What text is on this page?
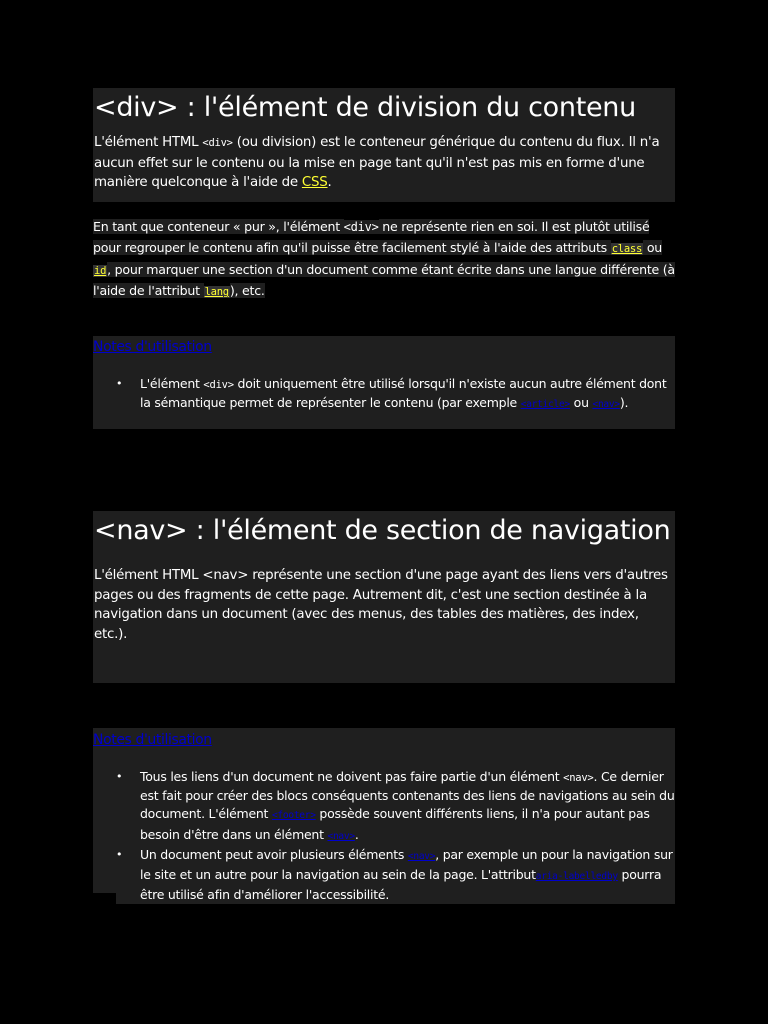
<div> : l'élément de division du contenu

L'élément HTML <div> (ou division) est le conteneur générique du contenu du flux. Il n'a aucun effet sur le contenu ou la mise en page tant qu'il n'est pas mis en forme d'une manière quelconque à l'aide de CSS.

En tant que conteneur « pur », l'élément <div> ne représente rien en soi. Il est plutôt utilisé pour regrouper le contenu afin qu'il puisse être facilement stylé à l'aide des attributs class ou id, pour marquer une section d'un document comme étant écrite dans une langue différente (à l'aide de l'attribut lang), etc.

Notes d'utilisation
• L'élément <div> doit uniquement être utilisé lorsqu'il n'existe aucun autre élément dont la sémantique permet de représenter le contenu (par exemple <article> ou <nav>).
<nav> : l'élément de section de navigation

L'élément HTML <nav> représente une section d'une page ayant des liens vers d'autres pages ou des fragments de cette page. Autrement dit, c'est une section destinée à la navigation dans un document (avec des menus, des tables des matières, des index, etc.).

Notes d'utilisation
• Tous les liens d'un document ne doivent pas faire partie d'un élément <nav>. Ce dernier est fait pour créer des blocs conséquents contenants des liens de navigations au sein du document. L'élément <footer> possède souvent différents liens, il n'a pour autant pas besoin d'être dans un élément <nav>.
• Un document peut avoir plusieurs éléments <nav>, par exemple un pour la navigation sur le site et un autre pour la navigation au sein de la page. L'attributaria-labelledby pourra être utilisé afin d'améliorer l'accessibilité.
